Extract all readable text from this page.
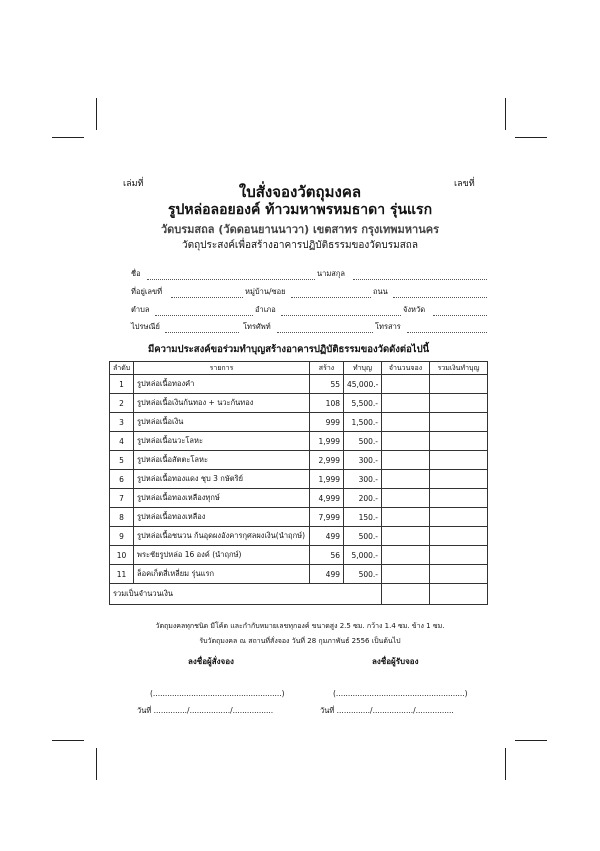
เล่มที่	เลขที่
ใบสั่งจองวัตถุมงคล
รูปหล่อลอยองค์ ท้าวมหาพรหมธาดา รุ่นแรก
วัดบรมสถล (วัดดอนยานนาวา) เขตสาทร กรุงเทพมหานคร
วัตถุประสงค์เพื่อสร้างอาคารปฏิบัติธรรมของวัดบรมสถล
ชื่อ	นามสกุล
ที่อยู่เลขที่	หมู่บ้าน/ซอย	ถนน
ตำบล	อำเภอ	จังหวัด
ไปรษณีย์	โทรศัพท์	โทรสาร
มีความประสงค์ขอร่วมทำบุญสร้างอาคารปฏิบัติธรรมของวัดดังต่อไปนี้
ลำดับ	รายการ	สร้าง	ทำบุญ	จำนวนจอง	รวมเงินทำบุญ
1	รูปหล่อเนื้อทองคำ	55	45,000.-		
2	รูปหล่อเนื้อเงินก้นทอง + นวะก้นทอง	108	5,500.-		
3	รูปหล่อเนื้อเงิน	999	1,500.-		
4	รูปหล่อเนื้อนวะโลหะ	1,999	500.-		
5	รูปหล่อเนื้อสัตตะโลหะ	2,999	300.-		
6	รูปหล่อเนื้อทองแดง ชุบ 3 กษัตริย์	1,999	300.-		
7	รูปหล่อเนื้อทองเหลืองทุกษ์	4,999	200.-		
8	รูปหล่อเนื้อทองเหลือง	7,999	150.-		
9	รูปหล่อเนื้อชนวน ก้นอุดผงอังคารกุศลผงเงิน(นำฤกษ์)	499	500.-		
10	พระชัยรูปหล่อ 16 องค์ (นำฤกษ์)	56	5,000.-		
11	ล็อคเก็ตสี่เหลี่ยม รุ่นแรก	499	500.-		
รวมเป็นจำนวนเงิน					
วัตถุมงคลทุกชนิด มีโค้ด และกำกับหมายเลขทุกองค์ ขนาดสูง 2.5 ซม. กว้าง 1.4 ซม. ข้าง 1 ซม.
รับวัตถุมงคล ณ สถานที่สั่งจอง วันที่ 28 กุมภาพันธ์ 2556 เป็นต้นไป
ลงชื่อผู้สั่งจอง	ลงชื่อผู้รับจอง
(......................................................)	(......................................................)
วันที่ ............../................./.................	วันที่ ............../................./................
